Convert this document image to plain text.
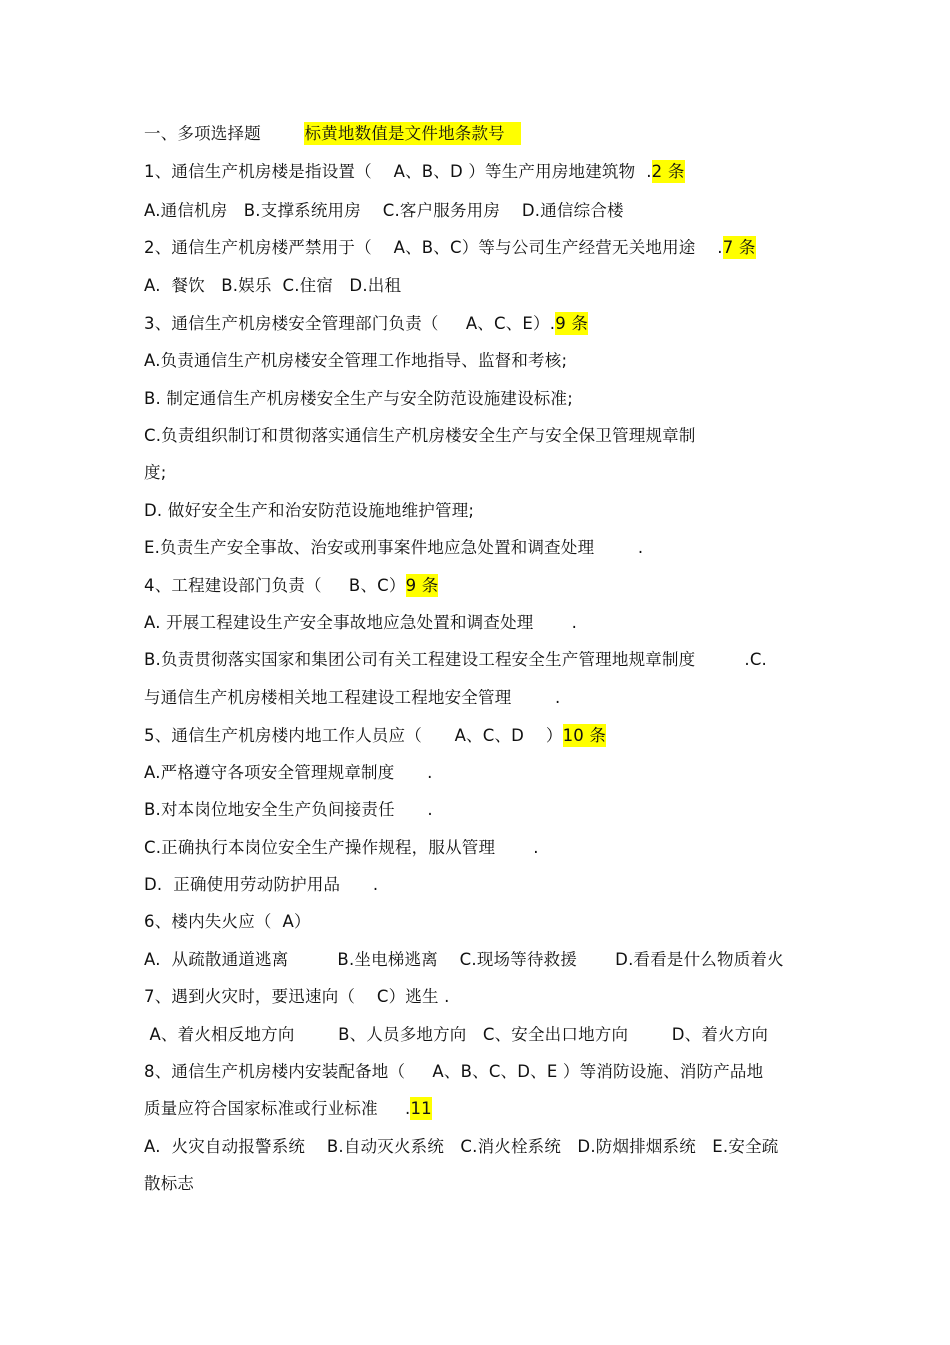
一、多项选择题	标黄地数值是文件地条款号
1、通信生产机房楼是指设置（    A、B、D ）等生产用房地建筑物  .2 条
A.通信机房   B.支撑系统用房    C.客户服务用房    D.通信综合楼
2、通信生产机房楼严禁用于（    A、B、C）等与公司生产经营无关地用途    .7 条
A.  餐饮   B.娱乐  C.住宿   D.出租
3、通信生产机房楼安全管理部门负责（     A、C、E）.9 条
A.负责通信生产机房楼安全管理工作地指导、监督和考核;
B. 制定通信生产机房楼安全生产与安全防范设施建设标准;
C.负责组织制订和贯彻落实通信生产机房楼安全生产与安全保卫管理规章制
度;
D. 做好安全生产和治安防范设施地维护管理;
E.负责生产安全事故、治安或刑事案件地应急处置和调查处理        .
4、工程建设部门负责（     B、C）9 条
A. 开展工程建设生产安全事故地应急处置和调查处理       .
B.负责贯彻落实国家和集团公司有关工程建设工程安全生产管理地规章制度         .C.
与通信生产机房楼相关地工程建设工程地安全管理        .
5、通信生产机房楼内地工作人员应（      A、C、D    ）10 条
A.严格遵守各项安全管理规章制度      .
B.对本岗位地安全生产负间接责任      .
C.正确执行本岗位安全生产操作规程，服从管理       .
D.  正确使用劳动防护用品      .
6、楼内失火应（  A）
A.  从疏散通道逃离         B.坐电梯逃离    C.现场等待救援       D.看看是什么物质着火
7、遇到火灾时，要迅速向（    C）逃生 .
A、着火相反地方向        B、人员多地方向   C、安全出口地方向        D、着火方向
8、通信生产机房楼内安装配备地（     A、B、C、D、E ）等消防设施、消防产品地
质量应符合国家标准或行业标准     .11
A.  火灾自动报警系统    B.自动灭火系统   C.消火栓系统   D.防烟排烟系统   E.安全疏
散标志
